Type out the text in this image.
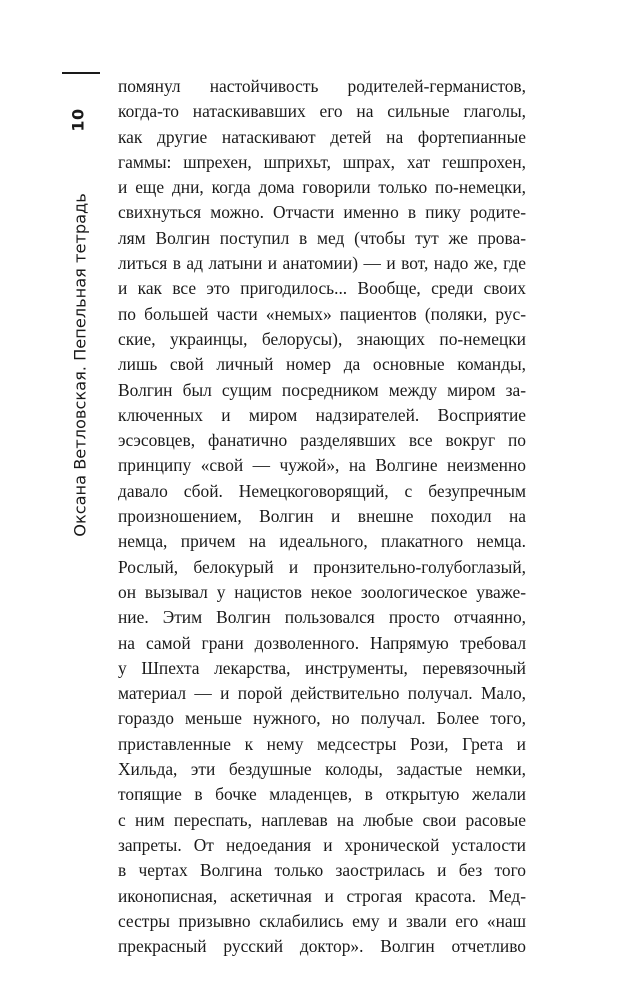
10
Оксана Ветловская. Пепельная тетрадь
помянул настойчивость родителей-германистов,
когда-то натаскивавших его на сильные глаголы,
как другие натаскивают детей на фортепианные
гаммы: шпрехен, шприхьт, шпрах, хат гешпрохен,
и еще дни, когда дома говорили только по-немецки,
свихнуться можно. Отчасти именно в пику родите-
лям Волгин поступил в мед (чтобы тут же прова-
литься в ад латыни и анатомии) — и вот, надо же, где
и как все это пригодилось... Вообще, среди своих
по большей части «немых» пациентов (поляки, рус-
ские, украинцы, белорусы), знающих по-немецки
лишь свой личный номер да основные команды,
Волгин был сущим посредником между миром за-
ключенных и миром надзирателей. Восприятие
эсэсовцев, фанатично разделявших все вокруг по
принципу «свой — чужой», на Волгине неизменно
давало сбой. Немецкоговорящий, с безупречным
произношением, Волгин и внешне походил на
немца, причем на идеального, плакатного немца.
Рослый, белокурый и пронзительно-голубоглазый,
он вызывал у нацистов некое зоологическое уваже-
ние. Этим Волгин пользовался просто отчаянно,
на самой грани дозволенного. Напрямую требовал
у Шпехта лекарства, инструменты, перевязочный
материал — и порой действительно получал. Мало,
гораздо меньше нужного, но получал. Более того,
приставленные к нему медсестры Рози, Грета и
Хильда, эти бездушные колоды, задастые немки,
топящие в бочке младенцев, в открытую желали
с ним переспать, наплевав на любые свои расовые
запреты. От недоедания и хронической усталости
в чертах Волгина только заострилась и без того
иконописная, аскетичная и строгая красота. Мед-
сестры призывно склабились ему и звали его «наш
прекрасный русский доктор». Волгин отчетливо
